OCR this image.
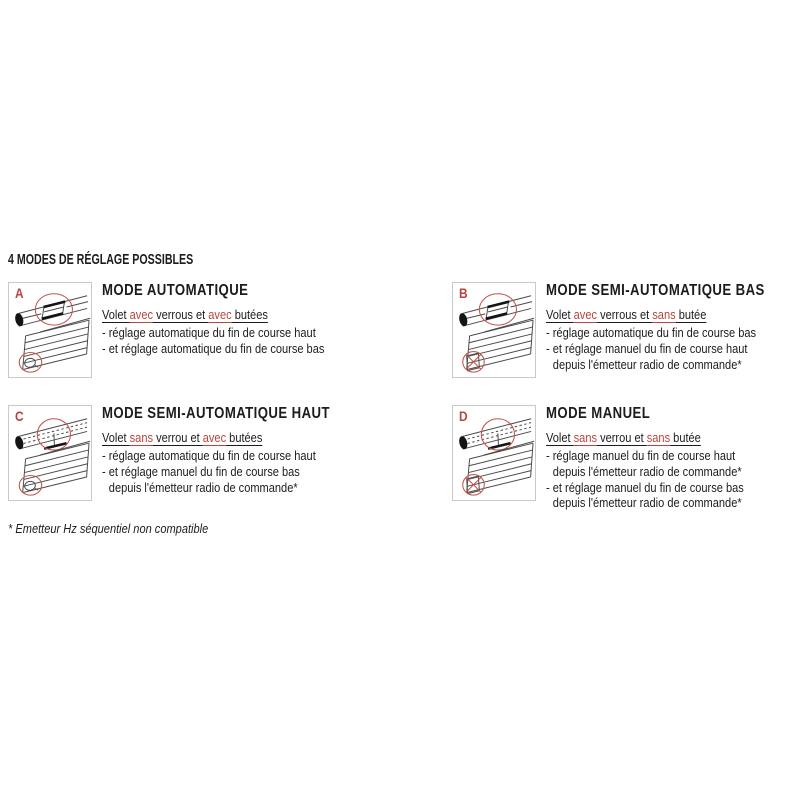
4 MODES DE RÉGLAGE POSSIBLES
A	MODE AUTOMATIQUE
Volet avec verrous et avec butées
- réglage automatique du fin de course haut
- et réglage automatique du fin de course bas
B	MODE SEMI-AUTOMATIQUE BAS
Volet avec verrous et sans butée
- réglage automatique du fin de course bas
- et réglage manuel du fin de course haut
depuis l'émetteur radio de commande*
C	MODE SEMI-AUTOMATIQUE HAUT
Volet sans verrou et avec butées
- réglage automatique du fin de course haut
- et réglage manuel du fin de course bas
depuis l'émetteur radio de commande*
D	MODE MANUEL
Volet sans verrou et sans butée
- réglage manuel du fin de course haut
depuis l'émetteur radio de commande*
- et réglage manuel du fin de course bas
depuis l'émetteur radio de commande*
* Emetteur Hz séquentiel non compatible
